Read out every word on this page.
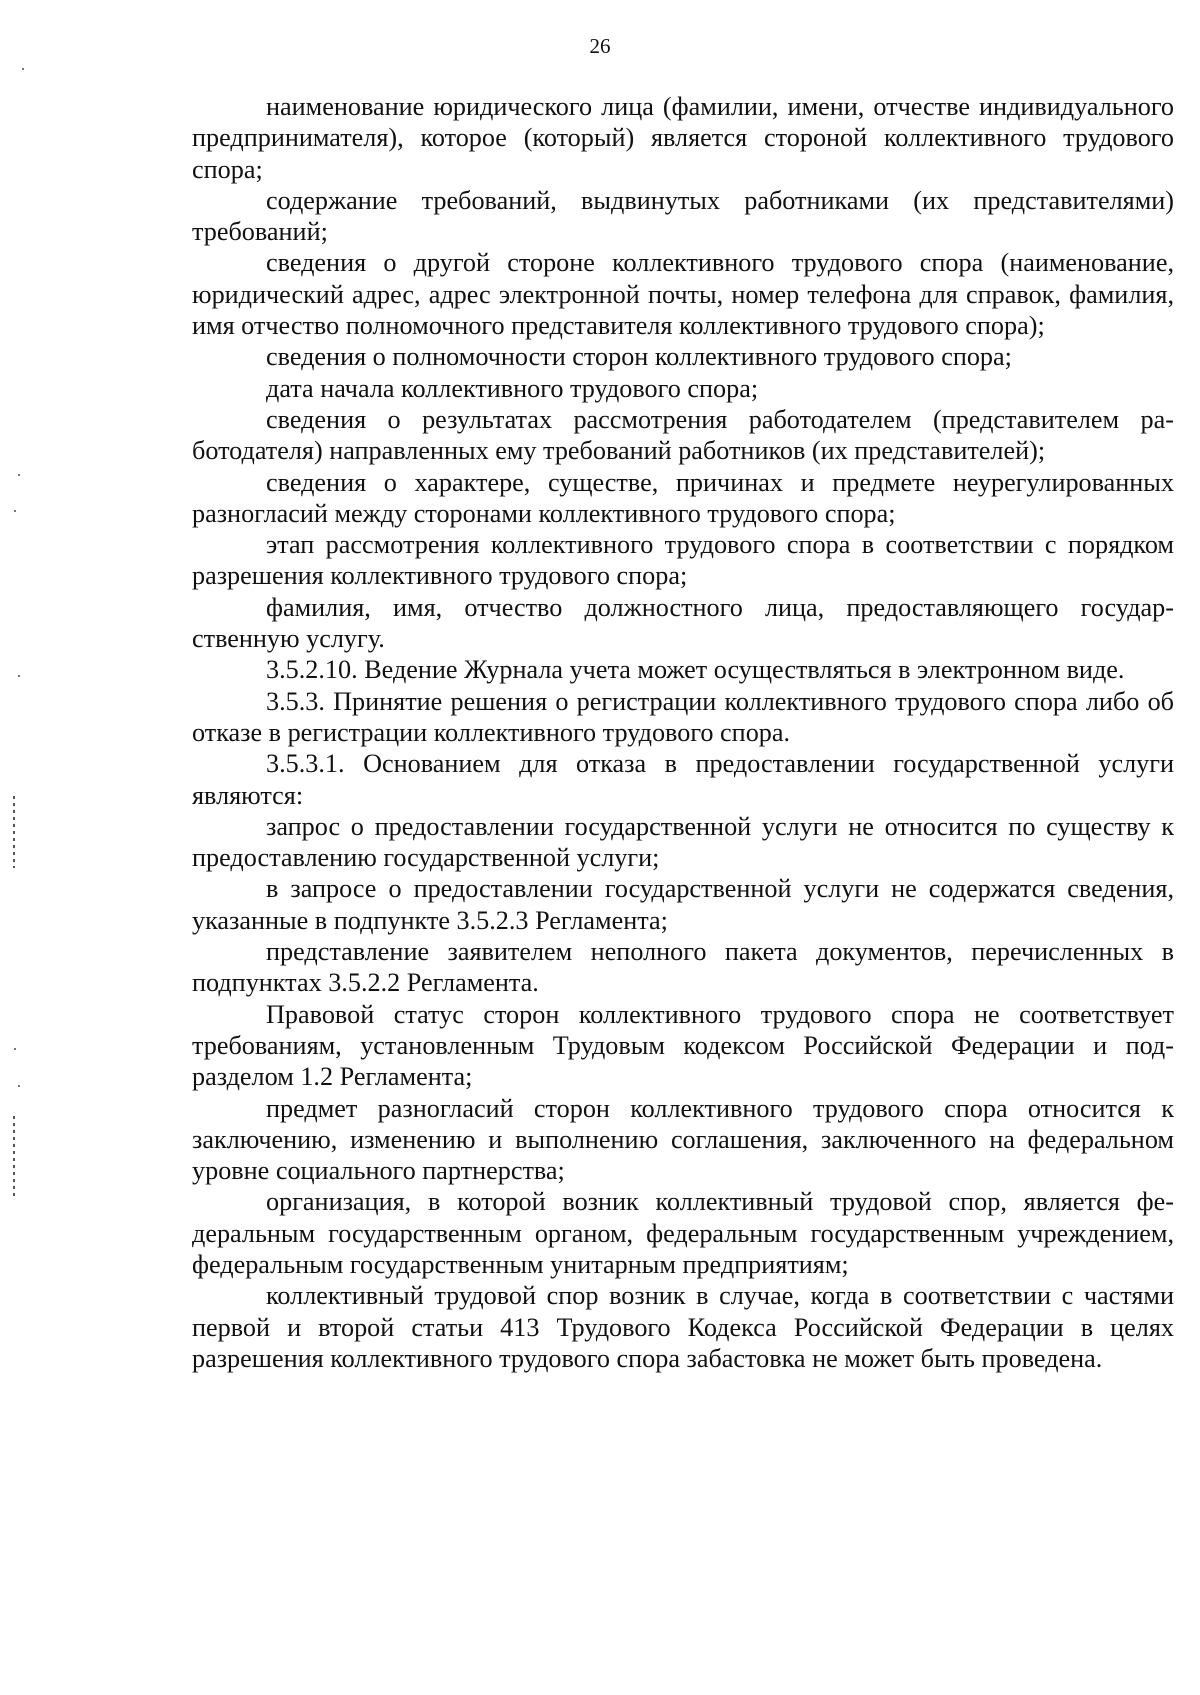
26

наименование юридического лица (фамилии, имени, отчестве индивидуального предпринимателя), которое (который) является стороной коллективного трудового спора;

содержание требований, выдвинутых работниками (их представителями) требований;

сведения о другой стороне коллективного трудового спора (наименование, юридический адрес, адрес электронной почты, номер телефона для справок, фамилия, имя отчество полномочного представителя коллективного трудового спора);

сведения о полномочности сторон коллективного трудового спора;

дата начала коллективного трудового спора;

сведения о результатах рассмотрения работодателем (представителем работодателя) направленных ему требований работников (их представителей);

сведения о характере, существе, причинах и предмете неурегулированных разногласий между сторонами коллективного трудового спора;

этап рассмотрения коллективного трудового спора в соответствии с порядком разрешения коллективного трудового спора;

фамилия, имя, отчество должностного лица, предоставляющего государственную услугу.

3.5.2.10. Ведение Журнала учета может осуществляться в электронном виде.

3.5.3. Принятие решения о регистрации коллективного трудового спора либо об отказе в регистрации коллективного трудового спора.

3.5.3.1. Основанием для отказа в предоставлении государственной услуги являются:

запрос о предоставлении государственной услуги не относится по существу к предоставлению государственной услуги;

в запросе о предоставлении государственной услуги не содержатся сведения, указанные в подпункте 3.5.2.3 Регламента;

представление заявителем неполного пакета документов, перечисленных в подпунктах 3.5.2.2 Регламента.

Правовой статус сторон коллективного трудового спора не соответствует требованиям, установленным Трудовым кодексом Российской Федерации и подразделом 1.2 Регламента;

предмет разногласий сторон коллективного трудового спора относится к заключению, изменению и выполнению соглашения, заключенного на федеральном уровне социального партнерства;

организация, в которой возник коллективный трудовой спор, является федеральным государственным органом, федеральным государственным учреждением, федеральным государственным унитарным предприятиям;

коллективный трудовой спор возник в случае, когда в соответствии с частями первой и второй статьи 413 Трудового Кодекса Российской Федерации в целях разрешения коллективного трудового спора забастовка не может быть проведена.
